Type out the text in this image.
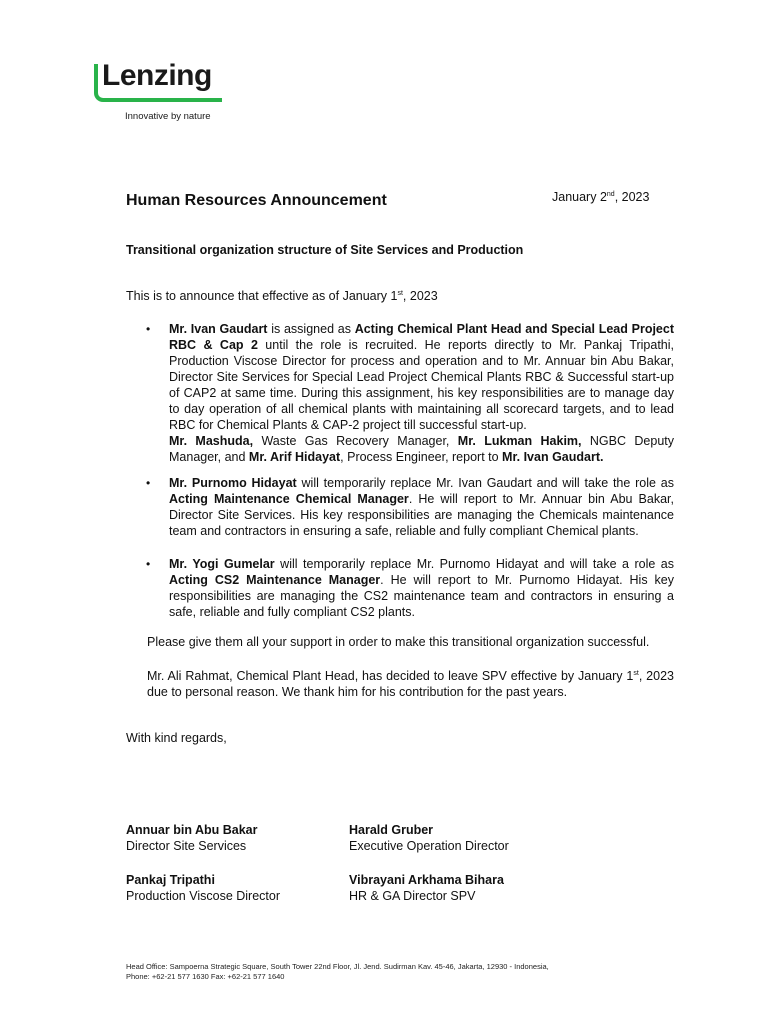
Lenzing
Innovative by nature
Human Resources Announcement	January 2nd, 2023
Transitional organization structure of Site Services and Production
This is to announce that effective as of January 1st, 2023
• Mr. Ivan Gaudart is assigned as Acting Chemical Plant Head and Special Lead Project RBC & Cap 2 until the role is recruited. He reports directly to Mr. Pankaj Tripathi, Production Viscose Director for process and operation and to Mr. Annuar bin Abu Bakar, Director Site Services for Special Lead Project Chemical Plants RBC & Successful start-up of CAP2 at same time. During this assignment, his key responsibilities are to manage day to day operation of all chemical plants with maintaining all scorecard targets, and to lead RBC for Chemical Plants & CAP-2 project till successful start-up.
Mr. Mashuda, Waste Gas Recovery Manager, Mr. Lukman Hakim, NGBC Deputy Manager, and Mr. Arif Hidayat, Process Engineer, report to Mr. Ivan Gaudart.
• Mr. Purnomo Hidayat will temporarily replace Mr. Ivan Gaudart and will take the role as Acting Maintenance Chemical Manager. He will report to Mr. Annuar bin Abu Bakar, Director Site Services. His key responsibilities are managing the Chemicals maintenance team and contractors in ensuring a safe, reliable and fully compliant Chemical plants.
• Mr. Yogi Gumelar will temporarily replace Mr. Purnomo Hidayat and will take a role as Acting CS2 Maintenance Manager. He will report to Mr. Purnomo Hidayat. His key responsibilities are managing the CS2 maintenance team and contractors in ensuring a safe, reliable and fully compliant CS2 plants.
Please give them all your support in order to make this transitional organization successful.
Mr. Ali Rahmat, Chemical Plant Head, has decided to leave SPV effective by January 1st, 2023 due to personal reason. We thank him for his contribution for the past years.
With kind regards,
Annuar bin Abu Bakar
Director Site Services
Harald Gruber
Executive Operation Director
Pankaj Tripathi
Production Viscose Director
Vibrayani Arkhama Bihara
HR & GA Director SPV
Head Office: Sampoerna Strategic Square, South Tower 22nd Floor, Jl. Jend. Sudirman Kav. 45-46, Jakarta, 12930 - Indonesia,
Phone: +62-21 577 1630 Fax: +62-21 577 1640
